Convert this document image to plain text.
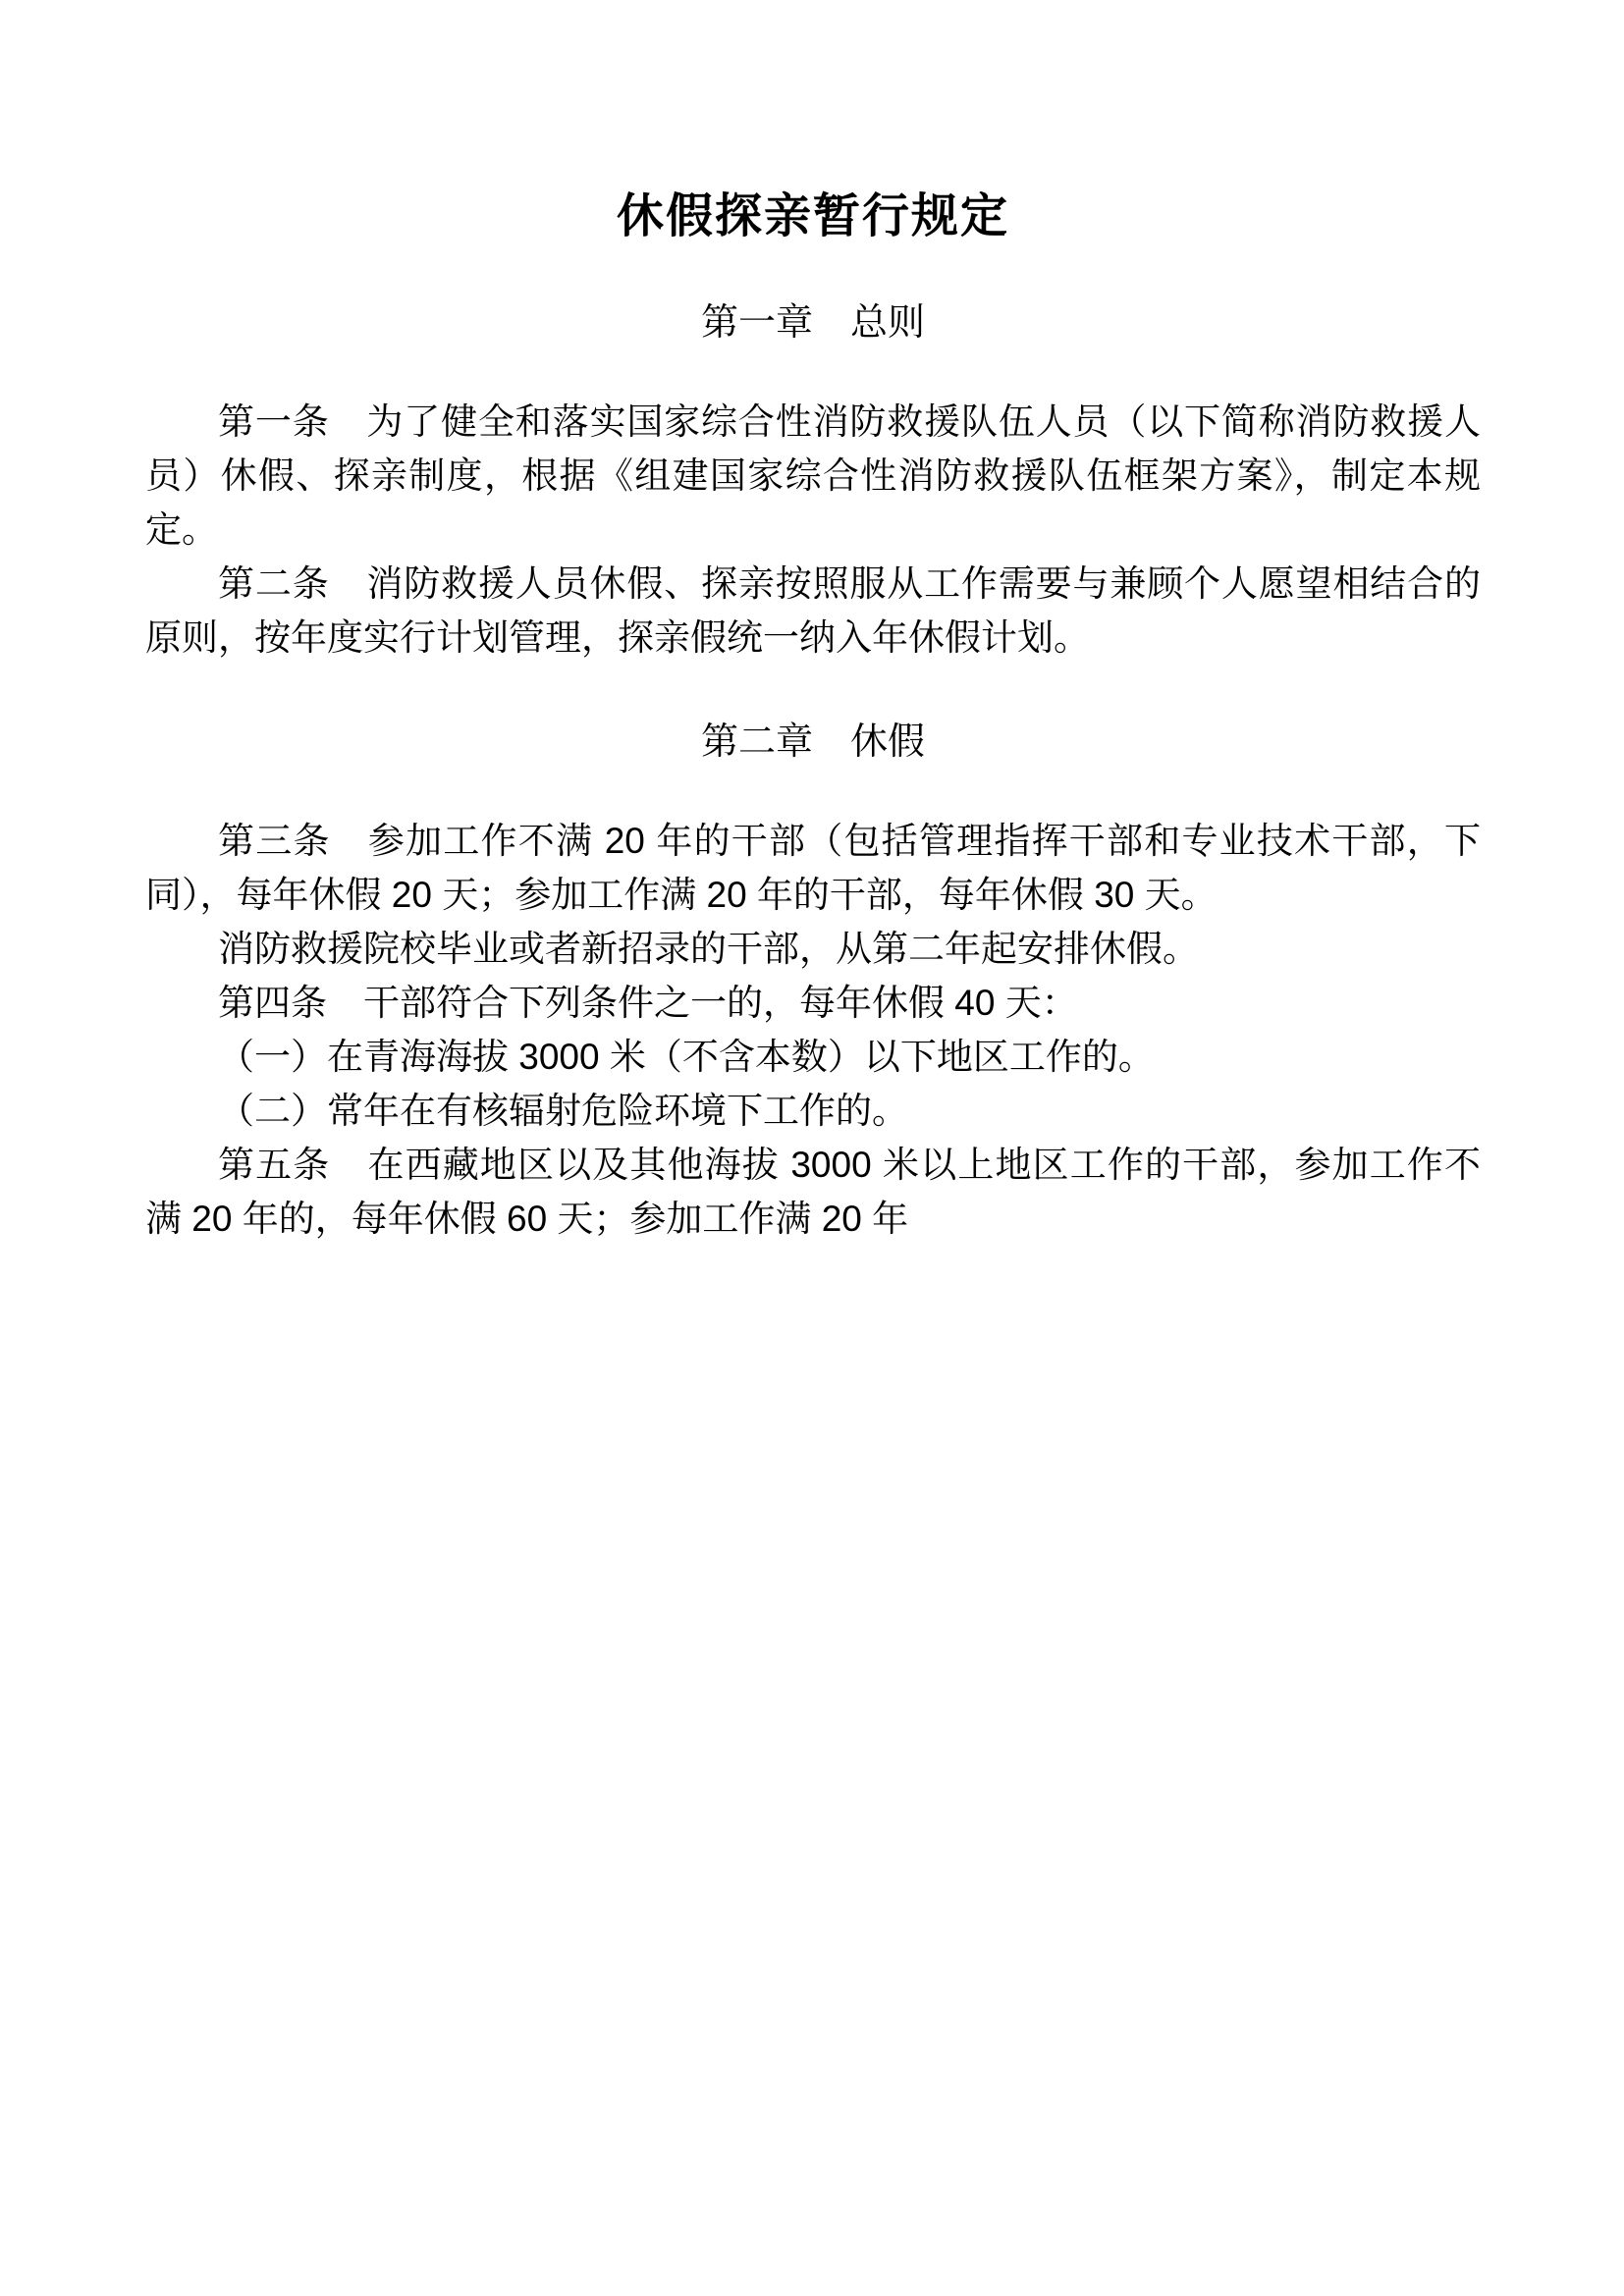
休假探亲暂行规定
第一章　总则

第一条　为了健全和落实国家综合性消防救援队伍人员（以下简称消防救援人员）休假、探亲制度，根据《组建国家综合性消防救援队伍框架方案》，制定本规定。

第二条　消防救援人员休假、探亲按照服从工作需要与兼顾个人愿望相结合的原则，按年度实行计划管理，探亲假统一纳入年休假计划。

第二章　休假

第三条　参加工作不满 20 年的干部（包括管理指挥干部和专业技术干部，下同），每年休假 20 天；参加工作满 20 年的干部，每年休假 30 天。

消防救援院校毕业或者新招录的干部，从第二年起安排休假。

第四条　干部符合下列条件之一的，每年休假 40 天：

（一）在青海海拔 3000 米（不含本数）以下地区工作的。

（二）常年在有核辐射危险环境下工作的。

第五条　在西藏地区以及其他海拔 3000 米以上地区工作的干部，参加工作不满 20 年的，每年休假 60 天；参加工作满 20 年
